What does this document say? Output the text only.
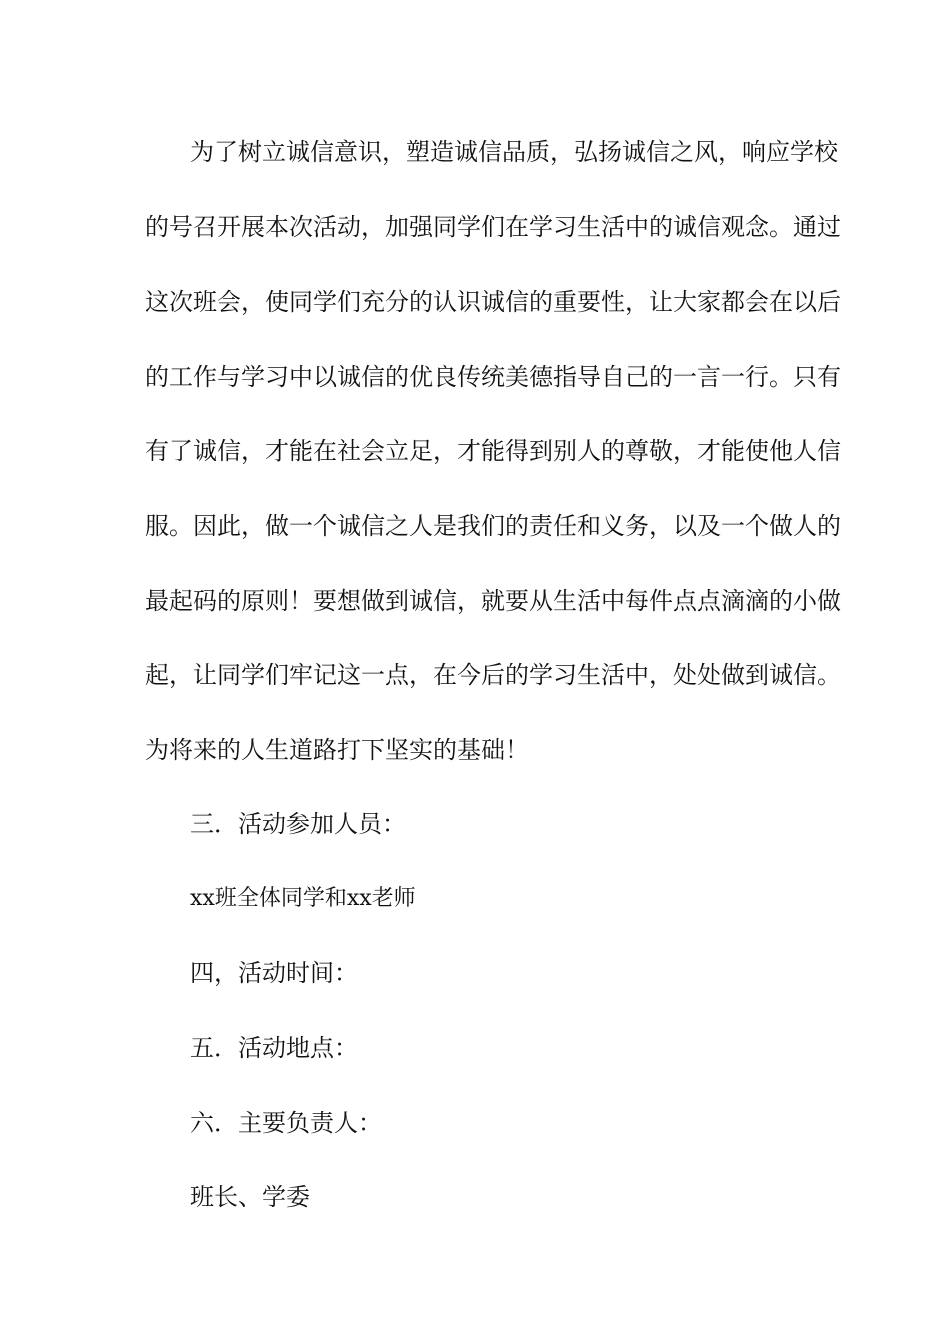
为了树立诚信意识，塑造诚信品质，弘扬诚信之风，响应学校
的号召开展本次活动，加强同学们在学习生活中的诚信观念。通过
这次班会，使同学们充分的认识诚信的重要性，让大家都会在以后
的工作与学习中以诚信的优良传统美德指导自己的一言一行。只有
有了诚信，才能在社会立足，才能得到别人的尊敬，才能使他人信
服。因此，做一个诚信之人是我们的责任和义务，以及一个做人的
最起码的原则！要想做到诚信，就要从生活中每件点点滴滴的小做
起，让同学们牢记这一点，在今后的学习生活中，处处做到诚信。
为将来的人生道路打下坚实的基础！
三．活动参加人员：
xx班全体同学和xx老师
四，活动时间：
五．活动地点：
六．主要负责人：
班长、学委
